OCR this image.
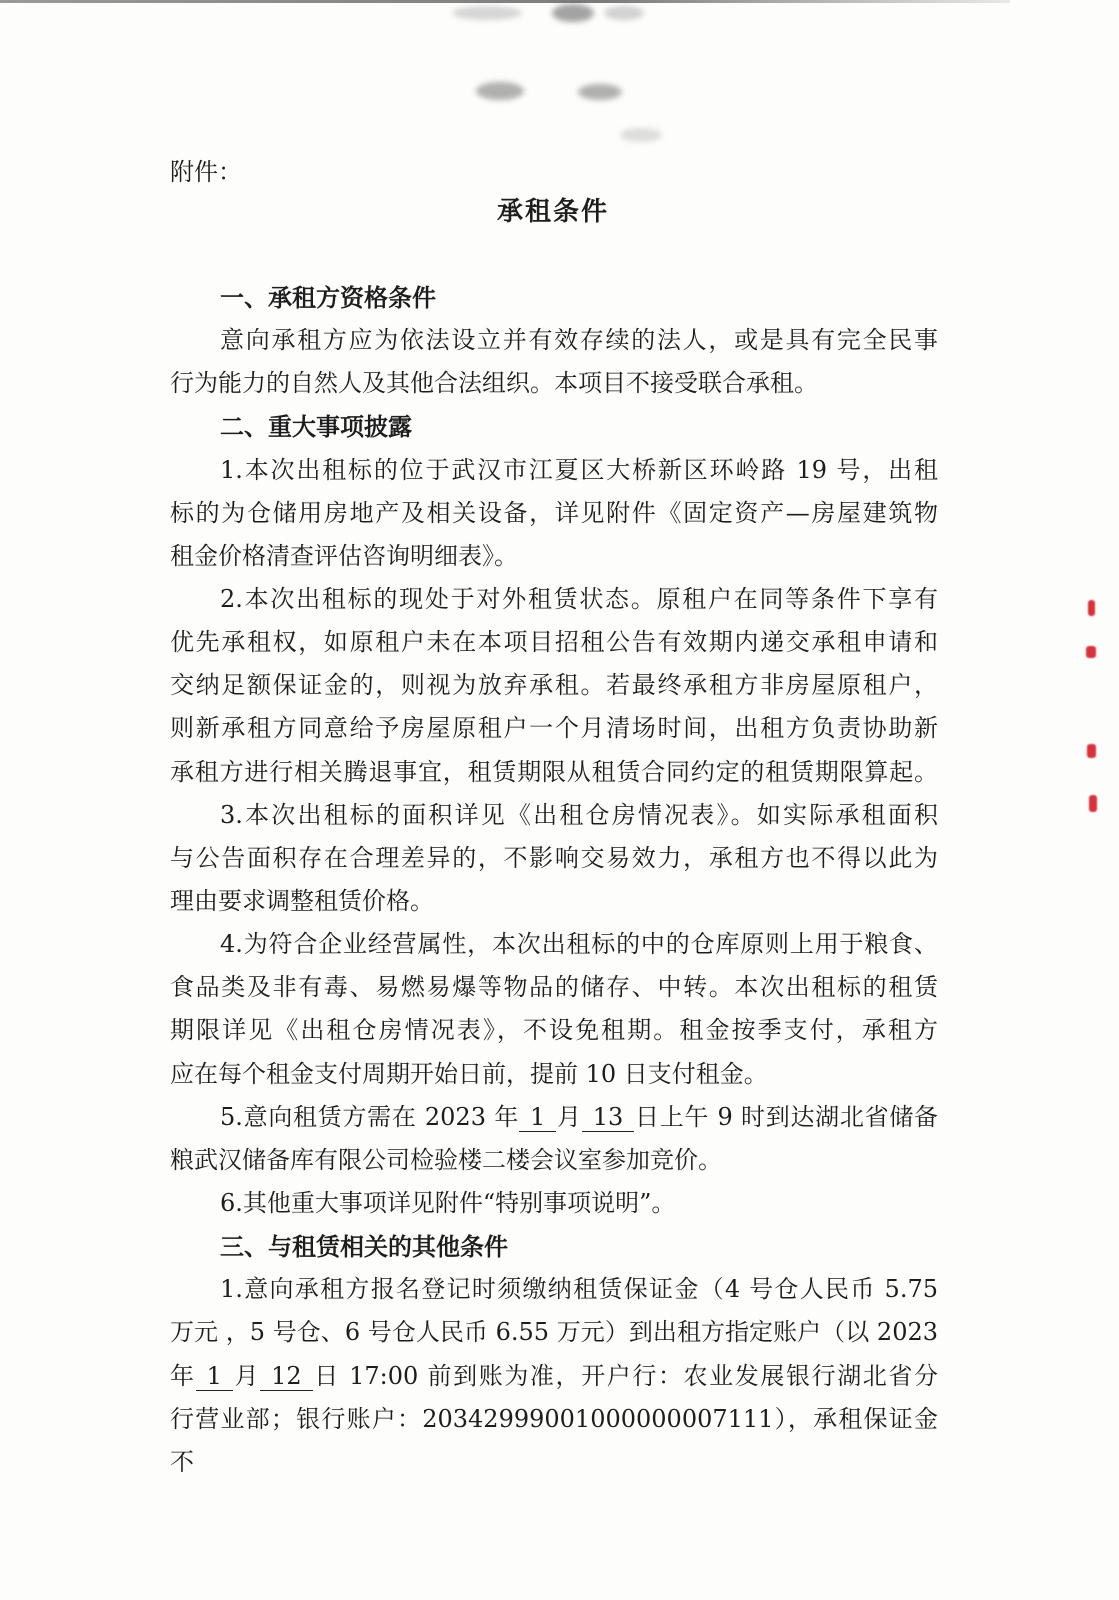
附件：
承租条件
一、承租方资格条件
意向承租方应为依法设立并有效存续的法人，或是具有完全民事
行为能力的自然人及其他合法组织。本项目不接受联合承租。
二、重大事项披露
1.本次出租标的位于武汉市江夏区大桥新区环岭路 19 号，出租
标的为仓储用房地产及相关设备，详见附件《固定资产—房屋建筑物
租金价格清查评估咨询明细表》。
2.本次出租标的现处于对外租赁状态。原租户在同等条件下享有
优先承租权，如原租户未在本项目招租公告有效期内递交承租申请和
交纳足额保证金的，则视为放弃承租。若最终承租方非房屋原租户，
则新承租方同意给予房屋原租户一个月清场时间，出租方负责协助新
承租方进行相关腾退事宜，租赁期限从租赁合同约定的租赁期限算起。
3.本次出租标的面积详见《出租仓房情况表》。如实际承租面积
与公告面积存在合理差异的，不影响交易效力，承租方也不得以此为
理由要求调整租赁价格。
4.为符合企业经营属性，本次出租标的中的仓库原则上用于粮食、
食品类及非有毒、易燃易爆等物品的储存、中转。本次出租标的租赁
期限详见《出租仓房情况表》，不设免租期。租金按季支付，承租方
应在每个租金支付周期开始日前，提前 10 日支付租金。
5.意向租赁方需在 2023 年 1 月 13 日上午 9 时到达湖北省储备
粮武汉储备库有限公司检验楼二楼会议室参加竞价。
6.其他重大事项详见附件“特别事项说明”。
三、与租赁相关的其他条件
1.意向承租方报名登记时须缴纳租赁保证金（4 号仓人民币 5.75
万元 ，5 号仓、6 号仓人民币 6.55 万元）到出租方指定账户（以 2023
年 1 月 12 日 17:00 前到账为准，开户行：农业发展银行湖北省分
行营业部；银行账户：20342999001000000007111），承租保证金不
